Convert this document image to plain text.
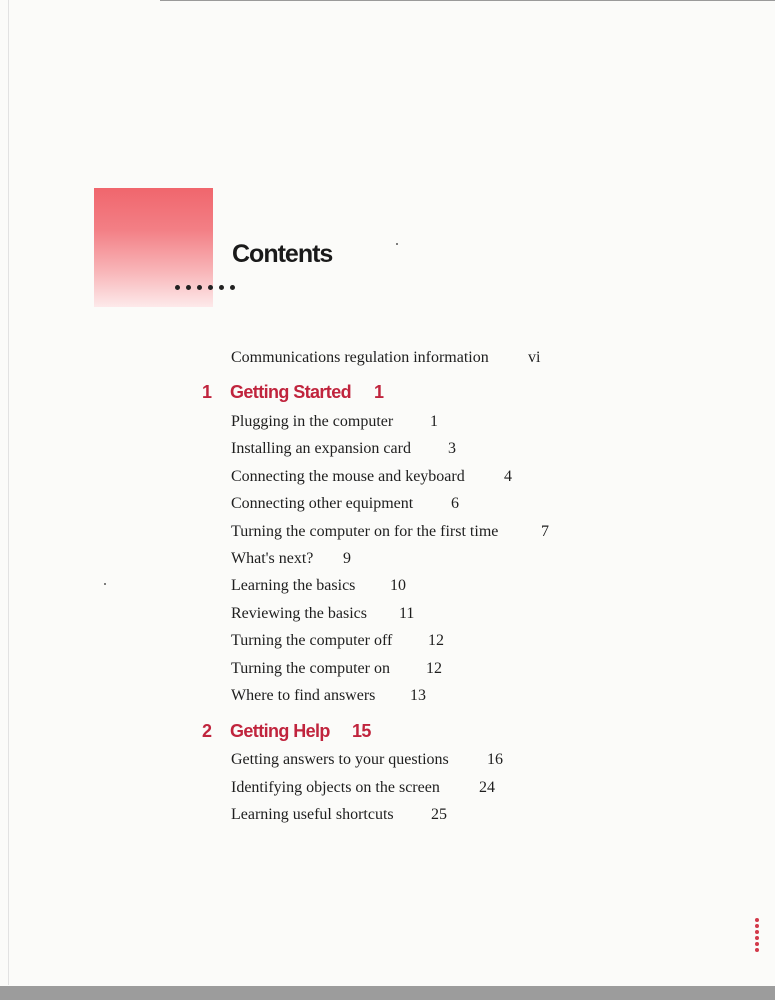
Contents
Communications regulation information vi
1 Getting Started 1
Plugging in the computer 1
Installing an expansion card 3
Connecting the mouse and keyboard 4
Connecting other equipment 6
Turning the computer on for the first time	7
What's next? 9
Learning the basics 10
Reviewing the basics 11
Turning the computer off 12
Turning the computer on 12
Where to find answers 13
2 Getting Help 15
Getting answers to your questions 16
Identifying objects on the screen 24
Learning useful shortcuts 25
